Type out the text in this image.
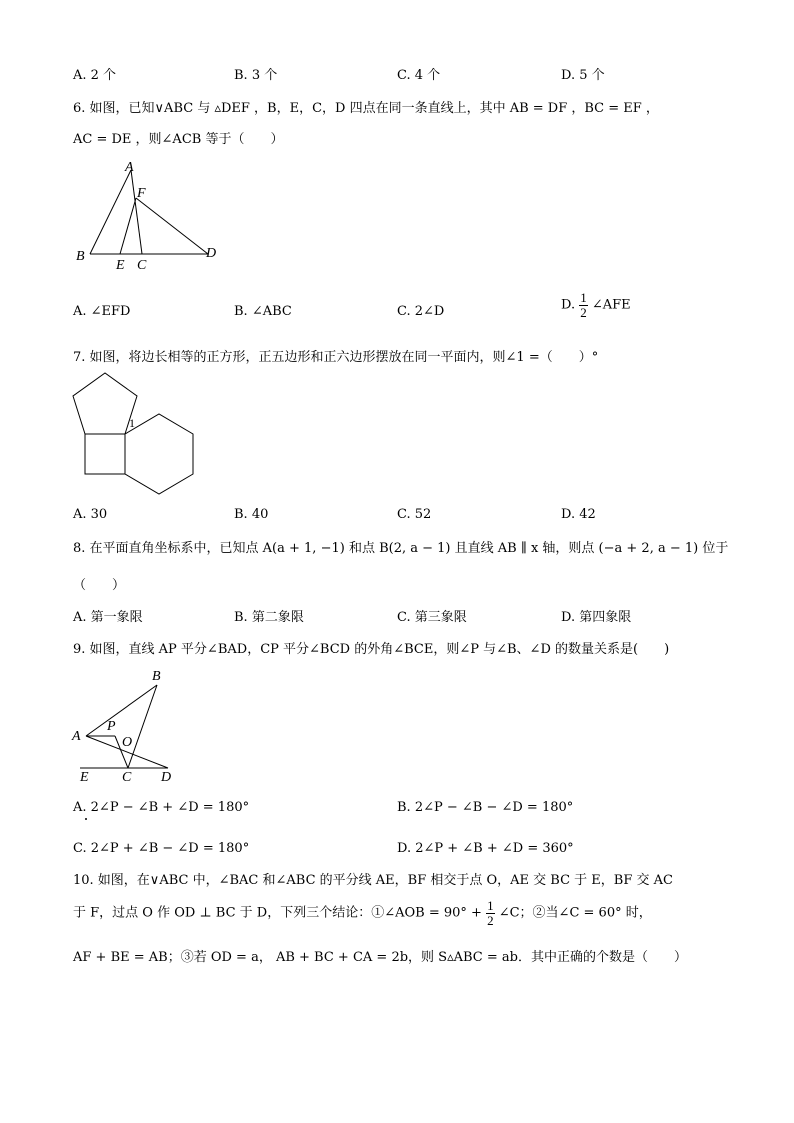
A. 2 个	B. 3 个	C. 4 个	D. 5 个
6. 如图，已知∨ABC 与 ▵DEF ，B，E，C，D 四点在同一条直线上，其中 AB = DF ，BC = EF ，
AC = DE ，则∠ACB 等于（　　）
A
F
B
E C
D
A. ∠EFD	B. ∠ABC	C. 2∠D	D. $\frac{1}{2}$ ∠AFE
7. 如图，将边长相等的正方形，正五边形和正六边形摆放在同一平面内，则∠1 =（　　）°
1
A. 30	B. 40	C. 52	D. 42
8. 在平面直角坐标系中，已知点 A(a + 1, −1) 和点 B(2, a − 1) 且直线 AB ∥ x 轴，则点 (−a + 2, a − 1) 位于
（　　）
A. 第一象限	B. 第二象限	C. 第三象限	D. 第四象限
9. 如图，直线 AP 平分∠BAD，CP 平分∠BCD 的外角∠BCE，则∠P 与∠B、∠D 的数量关系是(　　)
B
P
A	O
E C D
A. 2∠P − ∠B + ∠D = 180°	B. 2∠P − ∠B − ∠D = 180°
C. 2∠P + ∠B − ∠D = 180°	D. 2∠P + ∠B + ∠D = 360°
10. 如图，在∨ABC 中，∠BAC 和∠ABC 的平分线 AE，BF 相交于点 O，AE 交 BC 于 E，BF 交 AC
于 F，过点 O 作 OD ⊥ BC 于 D，下列三个结论：①∠AOB = $90^\circ + \frac{1}{2}$ ∠C；②当∠C = 60° 时，
AF + BE = AB；③若 OD = a， AB + BC + CA = 2b，则 S▵ABC = ab．其中正确的个数是（　　）
